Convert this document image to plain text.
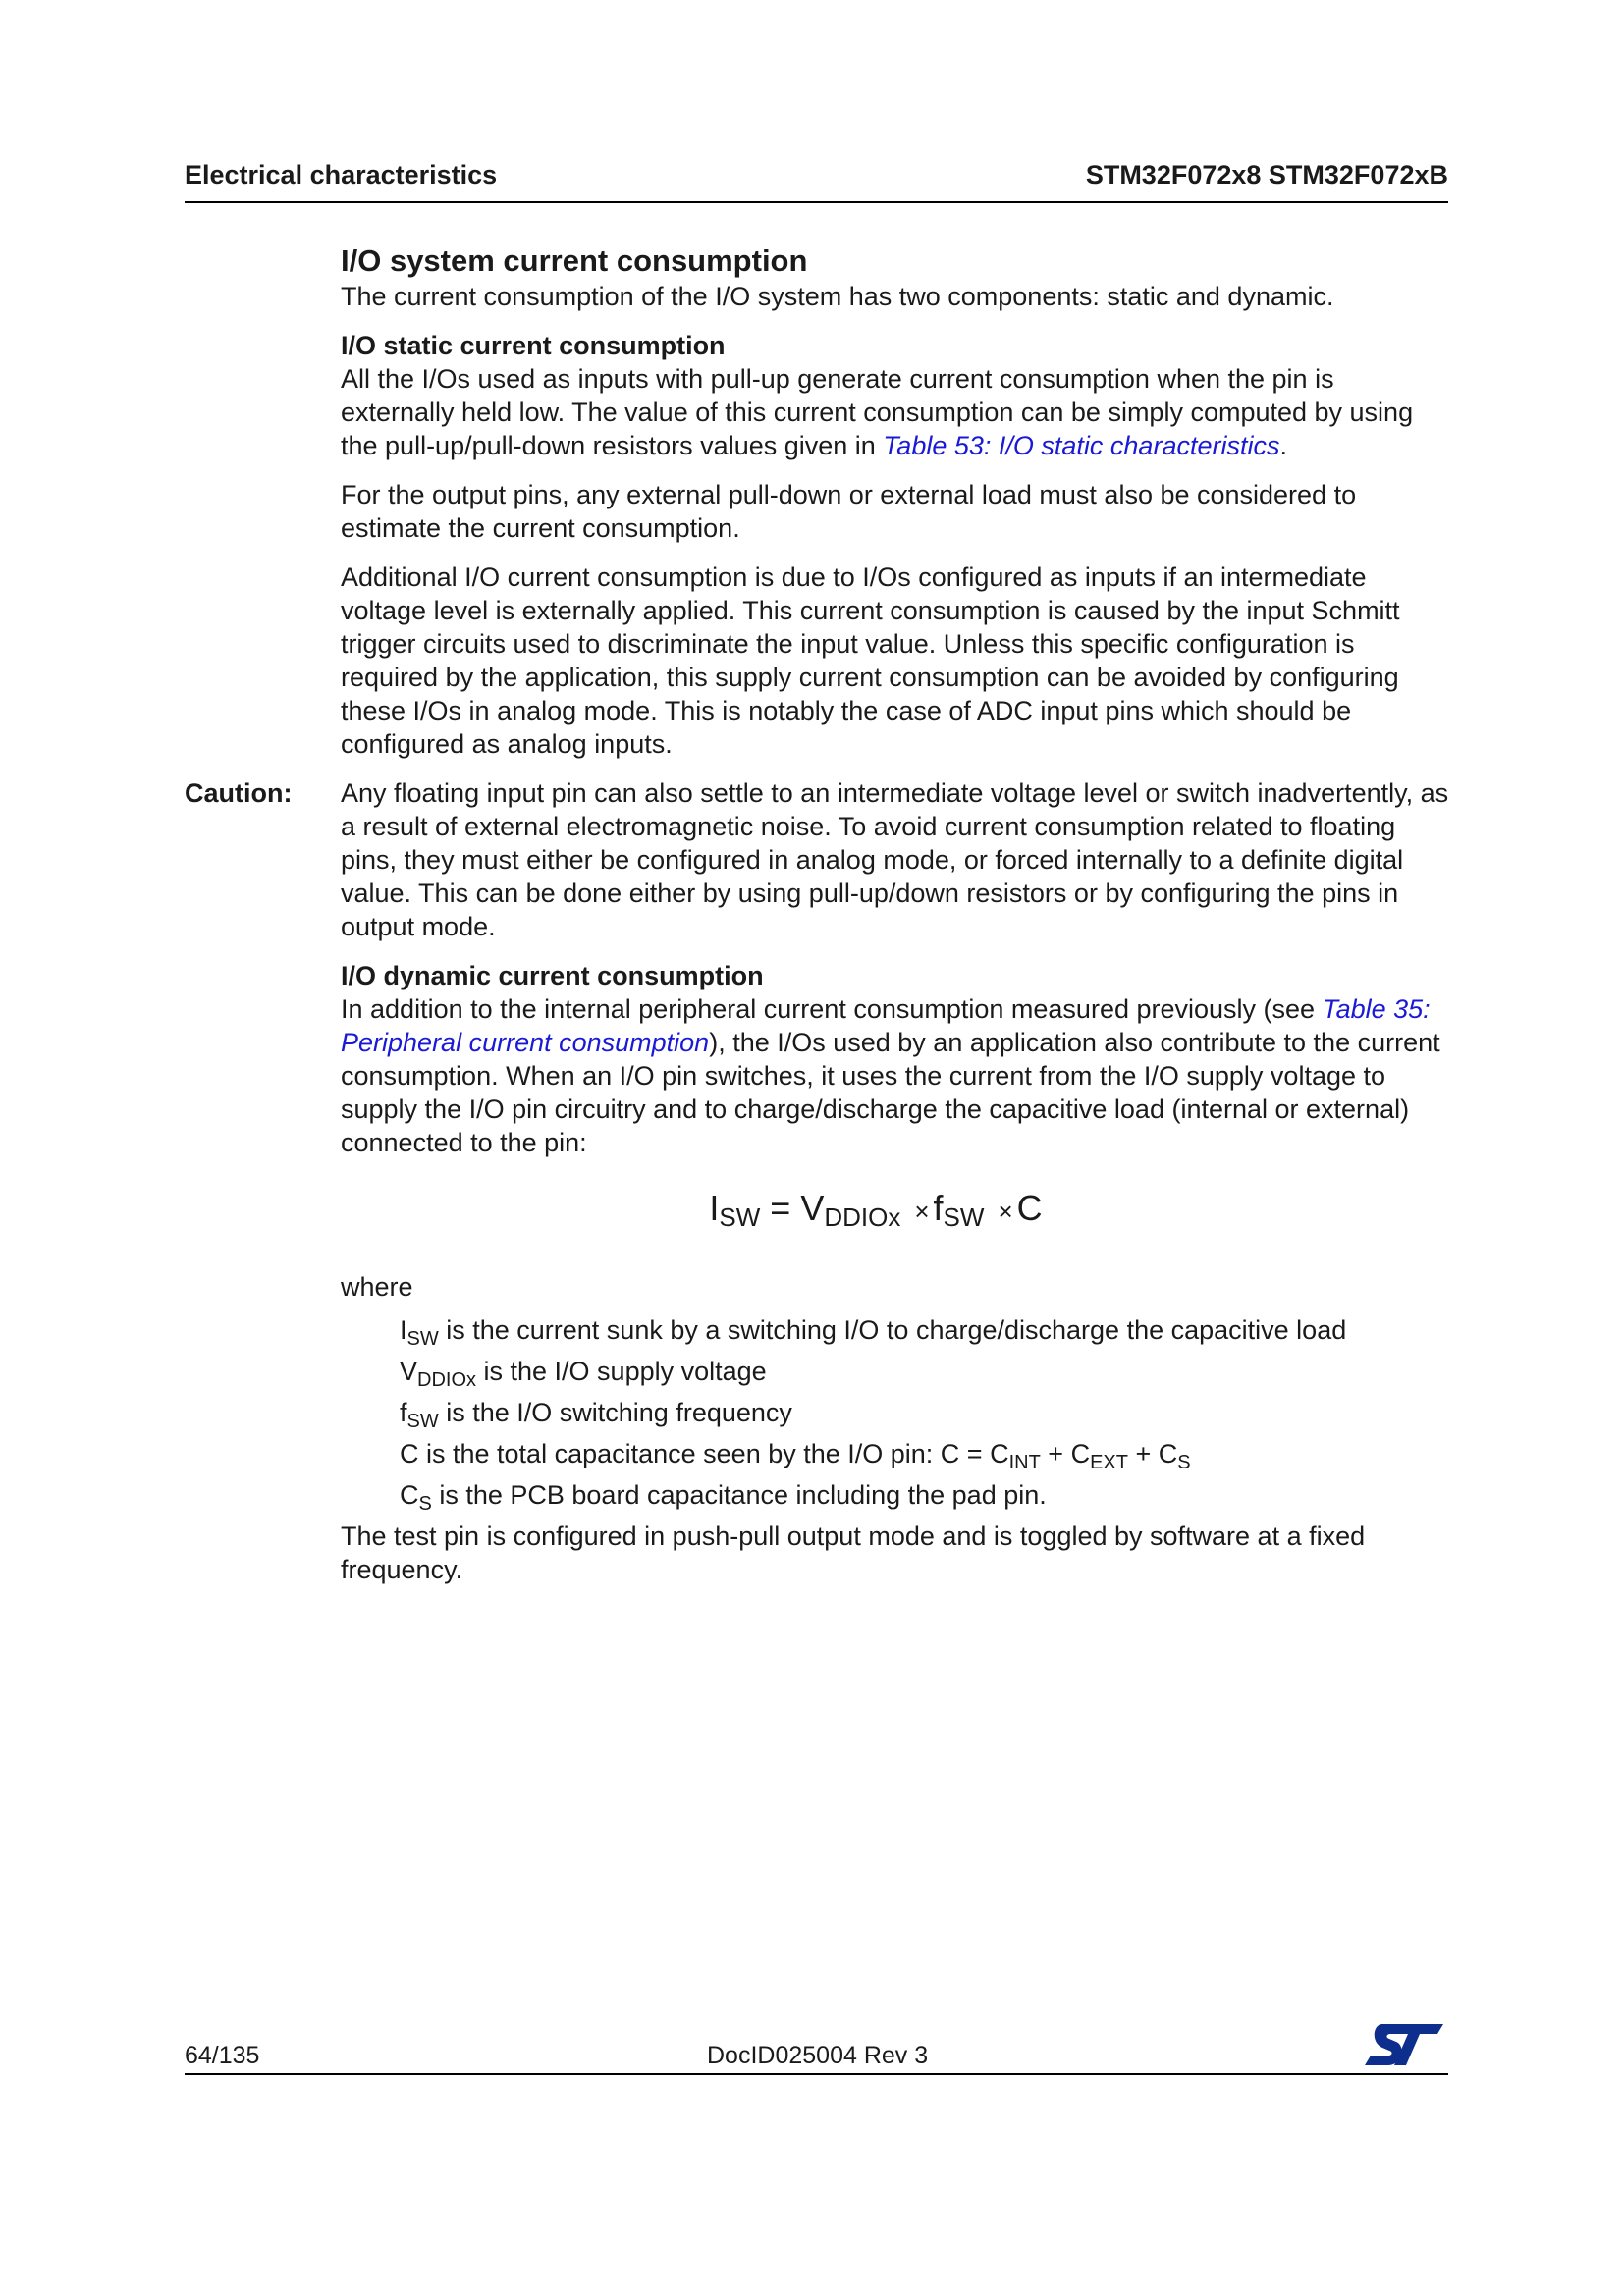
Electrical characteristics	STM32F072x8 STM32F072xB

I/O system current consumption

The current consumption of the I/O system has two components: static and dynamic.

I/O static current consumption

All the I/Os used as inputs with pull-up generate current consumption when the pin is externally held low. The value of this current consumption can be simply computed by using the pull-up/pull-down resistors values given in Table 53: I/O static characteristics.

For the output pins, any external pull-down or external load must also be considered to estimate the current consumption.

Additional I/O current consumption is due to I/Os configured as inputs if an intermediate voltage level is externally applied. This current consumption is caused by the input Schmitt trigger circuits used to discriminate the input value. Unless this specific configuration is required by the application, this supply current consumption can be avoided by configuring these I/Os in analog mode. This is notably the case of ADC input pins which should be configured as analog inputs.

Caution: Any floating input pin can also settle to an intermediate voltage level or switch inadvertently, as a result of external electromagnetic noise. To avoid current consumption related to floating pins, they must either be configured in analog mode, or forced internally to a definite digital value. This can be done either by using pull-up/down resistors or by configuring the pins in output mode.

I/O dynamic current consumption

In addition to the internal peripheral current consumption measured previously (see Table 35: Peripheral current consumption), the I/Os used by an application also contribute to the current consumption. When an I/O pin switches, it uses the current from the I/O supply voltage to supply the I/O pin circuitry and to charge/discharge the capacitive load (internal or external) connected to the pin:

$I_{SW} = V_{DDIOx} \times f_{SW} \times C$

where

$I_{SW}$ is the current sunk by a switching I/O to charge/discharge the capacitive load

$V_{DDIOx}$ is the I/O supply voltage

$f_{SW}$ is the I/O switching frequency

C is the total capacitance seen by the I/O pin: $C = C_{INT} + C_{EXT} + C_S$

$C_S$ is the PCB board capacitance including the pad pin.

The test pin is configured in push-pull output mode and is toggled by software at a fixed frequency.

64/135	DocID025004 Rev 3
